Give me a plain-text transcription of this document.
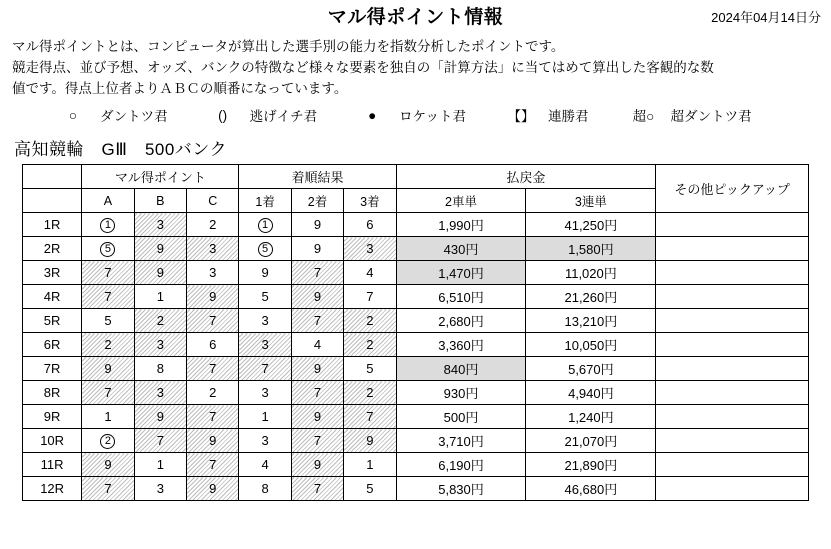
マル得ポイント情報	2024年04月14日分
マル得ポイントとは、コンピュータが算出した選手別の能力を指数分析したポイントです。
競走得点、並び予想、オッズ、バンクの特徴など様々な要素を独自の「計算方法」に当てはめて算出した客観的な数
値です。得点上位者よりＡＢＣの順番になっています。
○	ダントツ君	()	逃げイチ君	●	ロケット君	【】	連勝君	超○	超ダントツ君
高知競輪　GⅢ　500バンク
	マル得ポイント			着順結果			払戻金		その他ピックアップ
	A	B	C	1着	2着	3着	2車単	3連単	
1R	1	3	2	1	9	6	1,990円	41,250円	
2R	5	9	3	5	9	3	430円	1,580円	
3R	7	9	3	9	7	4	1,470円	11,020円	
4R	7	1	9	5	9	7	6,510円	21,260円	
5R	5	2	7	3	7	2	2,680円	13,210円	
6R	2	3	6	3	4	2	3,360円	10,050円	
7R	9	8	7	7	9	5	840円	5,670円	
8R	7	3	2	3	7	2	930円	4,940円	
9R	1	9	7	1	9	7	500円	1,240円	
10R	2	7	9	3	7	9	3,710円	21,070円	
11R	9	1	7	4	9	1	6,190円	21,890円	
12R	7	3	9	8	7	5	5,830円	46,680円	
